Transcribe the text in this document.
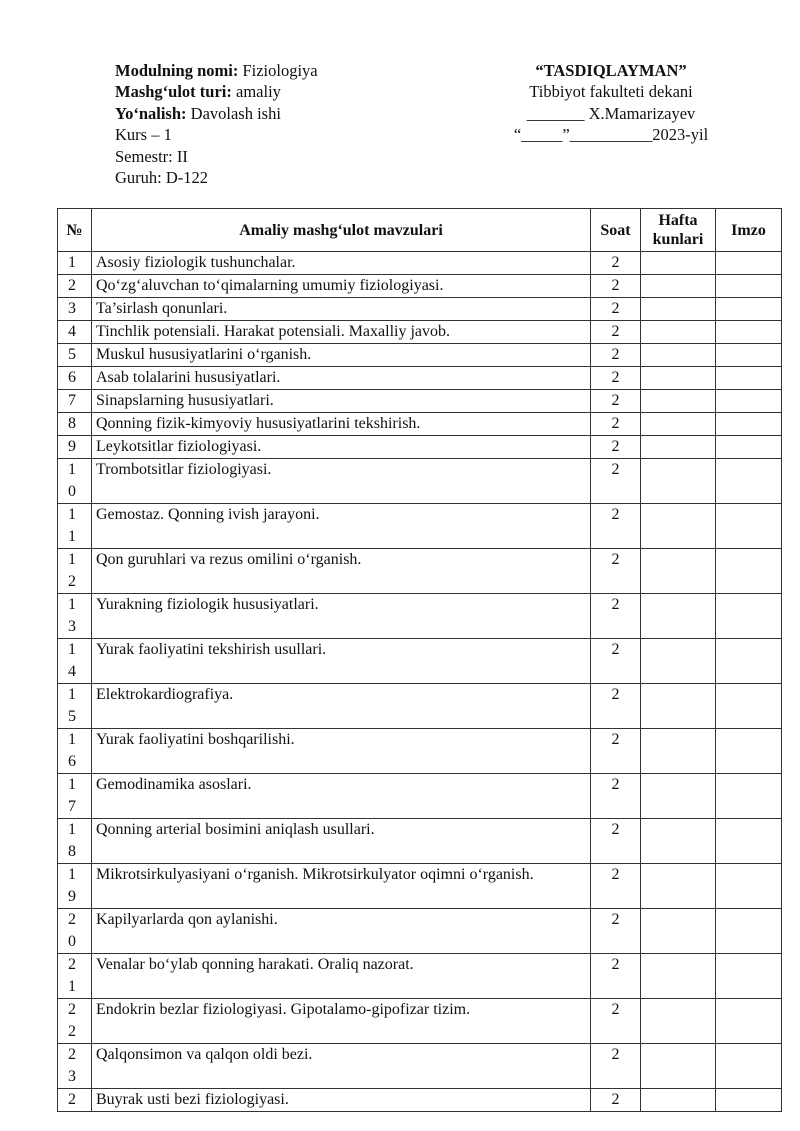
Modulning nomi: Fiziologiya
Mashg‘ulot turi: amaliy
Yo‘nalish: Davolash ishi
Kurs – 1
Semestr: II
Guruh: D-122
“TASDIQLAYMAN”
Tibbiyot fakulteti dekani
_______ X.Mamarizayev
“_____”__________2023-yil
№	Amaliy mashg‘ulot mavzulari	Soat	Hafta kunlari	Imzo

1	Asosiy fiziologik tushunchalar.	2		

2	Qo‘zg‘aluvchan to‘qimalarning umumiy fiziologiyasi.	2		

3	Ta’sirlash qonunlari.	2		

4	Tinchlik potensiali. Harakat potensiali. Maxalliy javob.	2		

5	Muskul hususiyatlarini o‘rganish.	2		

6	Asab tolalarini hususiyatlari.	2		

7	Sinapslarning hususiyatlari.	2		

8	Qonning fizik-kimyoviy hususiyatlarini tekshirish.	2		

9	Leykotsitlar fiziologiyasi.	2		

10	Trombotsitlar fiziologiyasi.	2		

11	Gemostaz. Qonning ivish jarayoni.	2		

12	Qon guruhlari va rezus omilini o‘rganish.	2		

13	Yurakning fiziologik hususiyatlari.	2		

14	Yurak faoliyatini tekshirish usullari.	2		

15	Elektrokardiografiya.	2		

16	Yurak faoliyatini boshqarilishi.	2		

17	Gemodinamika asoslari.	2		

18	Qonning arterial bosimini aniqlash usullari.	2		

19	Mikrotsirkulyasiyani o‘rganish. Mikrotsirkulyator oqimni o‘rganish.	2		

20	Kapilyarlarda qon aylanishi.	2		

21	Venalar bo‘ylab qonning harakati. Oraliq nazorat.	2		

22	Endokrin bezlar fiziologiyasi. Gipotalamo-gipofizar tizim.	2		

23	Qalqonsimon va qalqon oldi bezi.	2		

2	Buyrak usti bezi fiziologiyasi.	2		
